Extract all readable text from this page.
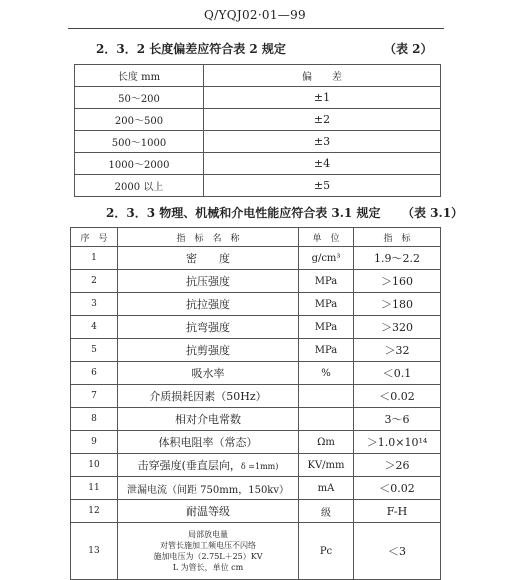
Q/YQJ02·01—99
2．3．2 长度偏差应符合表 2 规定	（表 2）
长度 mm	偏　　差
50～200	±1
200～500	±2
500～1000	±3
1000～2000	±4
2000 以上	±5
2．3．3 物理、机械和介电性能应符合表 3.1 规定 （表 3.1）
序　号	指　标　名　称	单　位	指　标
1	密　　度	g/cm³	1.9～2.2
2	抗压强度	MPa	＞160
3	抗拉强度	MPa	＞180
4	抗弯强度	MPa	＞320
5	抗剪强度	MPa	＞32
6	吸水率	%	＜0.1
7	介质损耗因素（50Hz）		＜0.02
8	相对介电常数		3～6
9	体积电阻率（常态）	Ωm	＞1.0×10¹⁴
10	击穿强度(垂直层向，δ =1mm)	KV/mm	＞26
11	泄漏电流（间距 750mm，150kv）	mA	＜0.02
12	耐温等级	级	F-H
13	局部放电量
对管长施加工频电压不闪络
施加电压为（2.75L＋25）KV
L 为管长，单位 cm	Pc	＜3
